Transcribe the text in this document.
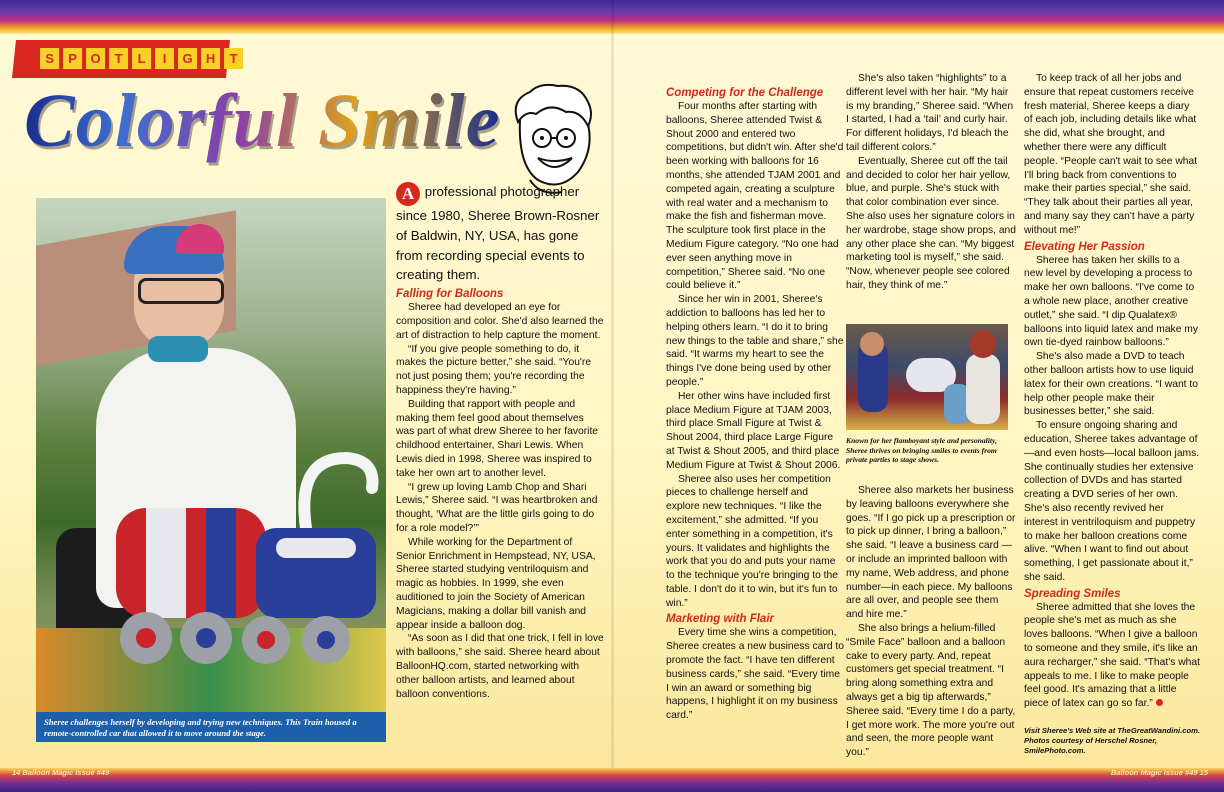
S	P	O	T	L	I	G	H	T
Colorful Smile
Sheree challenges herself by developing and trying new techniques. This Train housed a remote-controlled car that allowed it to move around the stage.

A professional photographer since 1980, Sheree Brown-Rosner of Baldwin, NY, USA, has gone from recording special events to creating them.

Falling for Balloons

Sheree had developed an eye for composition and color. She'd also learned the art of distraction to help capture the moment.

“If you give people something to do, it makes the picture better,” she said. “You're not just posing them; you're recording the happiness they're having.”

Building that rapport with people and making them feel good about themselves was part of what drew Sheree to her favorite childhood entertainer, Shari Lewis. When Lewis died in 1998, Sheree was inspired to take her own art to another level.

“I grew up loving Lamb Chop and Shari Lewis,” Sheree said. “I was heartbroken and thought, ‘What are the little girls going to do for a role model?’”

While working for the Department of Senior Enrichment in Hempstead, NY, USA, Sheree started studying ventriloquism and magic as hobbies. In 1999, she even auditioned to join the Society of American Magicians, making a dollar bill vanish and appear inside a balloon dog.

“As soon as I did that one trick, I fell in love with balloons,” she said. Sheree heard about BalloonHQ.com, started networking with other balloon artists, and learned about balloon conventions.

Competing for the Challenge

Four months after starting with balloons, Sheree attended Twist & Shout 2000 and entered two competitions, but didn't win. After she'd been working with balloons for 16 months, she attended TJAM 2001 and competed again, creating a sculpture with real water and a mechanism to make the fish and fisherman move. The sculpture took first place in the Medium Figure category. “No one had ever seen anything move in competition,” Sheree said. “No one could believe it.”

Since her win in 2001, Sheree's addiction to balloons has led her to helping others learn. “I do it to bring new things to the table and share,” she said. “It warms my heart to see the things I've done being used by other people.”

Her other wins have included first place Medium Figure at TJAM 2003, third place Small Figure at Twist & Shout 2004, third place Large Figure at Twist & Shout 2005, and third place Medium Figure at Twist & Shout 2006.

Sheree also uses her competition pieces to challenge herself and explore new techniques. “I like the excitement,” she admitted. “If you enter something in a competition, it's yours. It validates and highlights the work that you do and puts your name to the technique you're bringing to the table. I don't do it to win, but it's fun to win.”

Marketing with Flair

Every time she wins a competition, Sheree creates a new business card to promote the fact. “I have ten different business cards,” she said. “Every time I win an award or something big happens, I highlight it on my business card.”

She's also taken “highlights” to a different level with her hair. “My hair is my branding,” Sheree said. “When I started, I had a ‘tail’ and curly hair. For different holidays, I'd bleach the tail different colors.”

Eventually, Sheree cut off the tail and decided to color her hair yellow, blue, and purple. She's stuck with that color combination ever since. She also uses her signature colors in her wardrobe, stage show props, and any other place she can. “My biggest marketing tool is myself,” she said. “Now, whenever people see colored hair, they think of me.”

Known for her flamboyant style and personality, Sheree thrives on bringing smiles to events from private parties to stage shows.

Sheree also markets her business by leaving balloons everywhere she goes. “If I go pick up a prescription or to pick up dinner, I bring a balloon,” she said. “I leave a business card —or include an imprinted balloon with my name, Web address, and phone number—in each piece. My balloons are all over, and people see them and hire me.”

She also brings a helium-filled “Smile Face” balloon and a balloon cake to every party. And, repeat customers get special treatment. “I bring along something extra and always get a big tip afterwards,” Sheree said. “Every time I do a party, I get more work. The more you're out and seen, the more people want you.”

To keep track of all her jobs and ensure that repeat customers receive fresh material, Sheree keeps a diary of each job, including details like what she did, what she brought, and whether there were any difficult people. “People can't wait to see what I'll bring back from conventions to make their parties special,” she said. “They talk about their parties all year, and many say they can't have a party without me!”

Elevating Her Passion

Sheree has taken her skills to a new level by developing a process to make her own balloons. “I've come to a whole new place, another creative outlet,” she said. “I dip Qualatex® balloons into liquid latex and make my own tie-dyed rainbow balloons.”

She's also made a DVD to teach other balloon artists how to use liquid latex for their own creations. “I want to help other people make their businesses better,” she said.

To ensure ongoing sharing and education, Sheree takes advantage of —and even hosts—local balloon jams. She continually studies her extensive collection of DVDs and has started creating a DVD series of her own. She's also recently revived her interest in ventriloquism and puppetry to make her balloon creations come alive. “When I want to find out about something, I get passionate about it,” she said.

Spreading Smiles

Sheree admitted that she loves the people she's met as much as she loves balloons. “When I give a balloon to someone and they smile, it's like an aura recharger,” she said. “That's what appeals to me. I like to make people feel good. It's amazing that a little piece of latex can go so far.”

Visit Sheree's Web site at TheGreatWandini.com.
Photos courtesy of Herschel Rosner, SmilePhoto.com.
14 Balloon Magic Issue #49	Balloon Magic Issue #49 15
